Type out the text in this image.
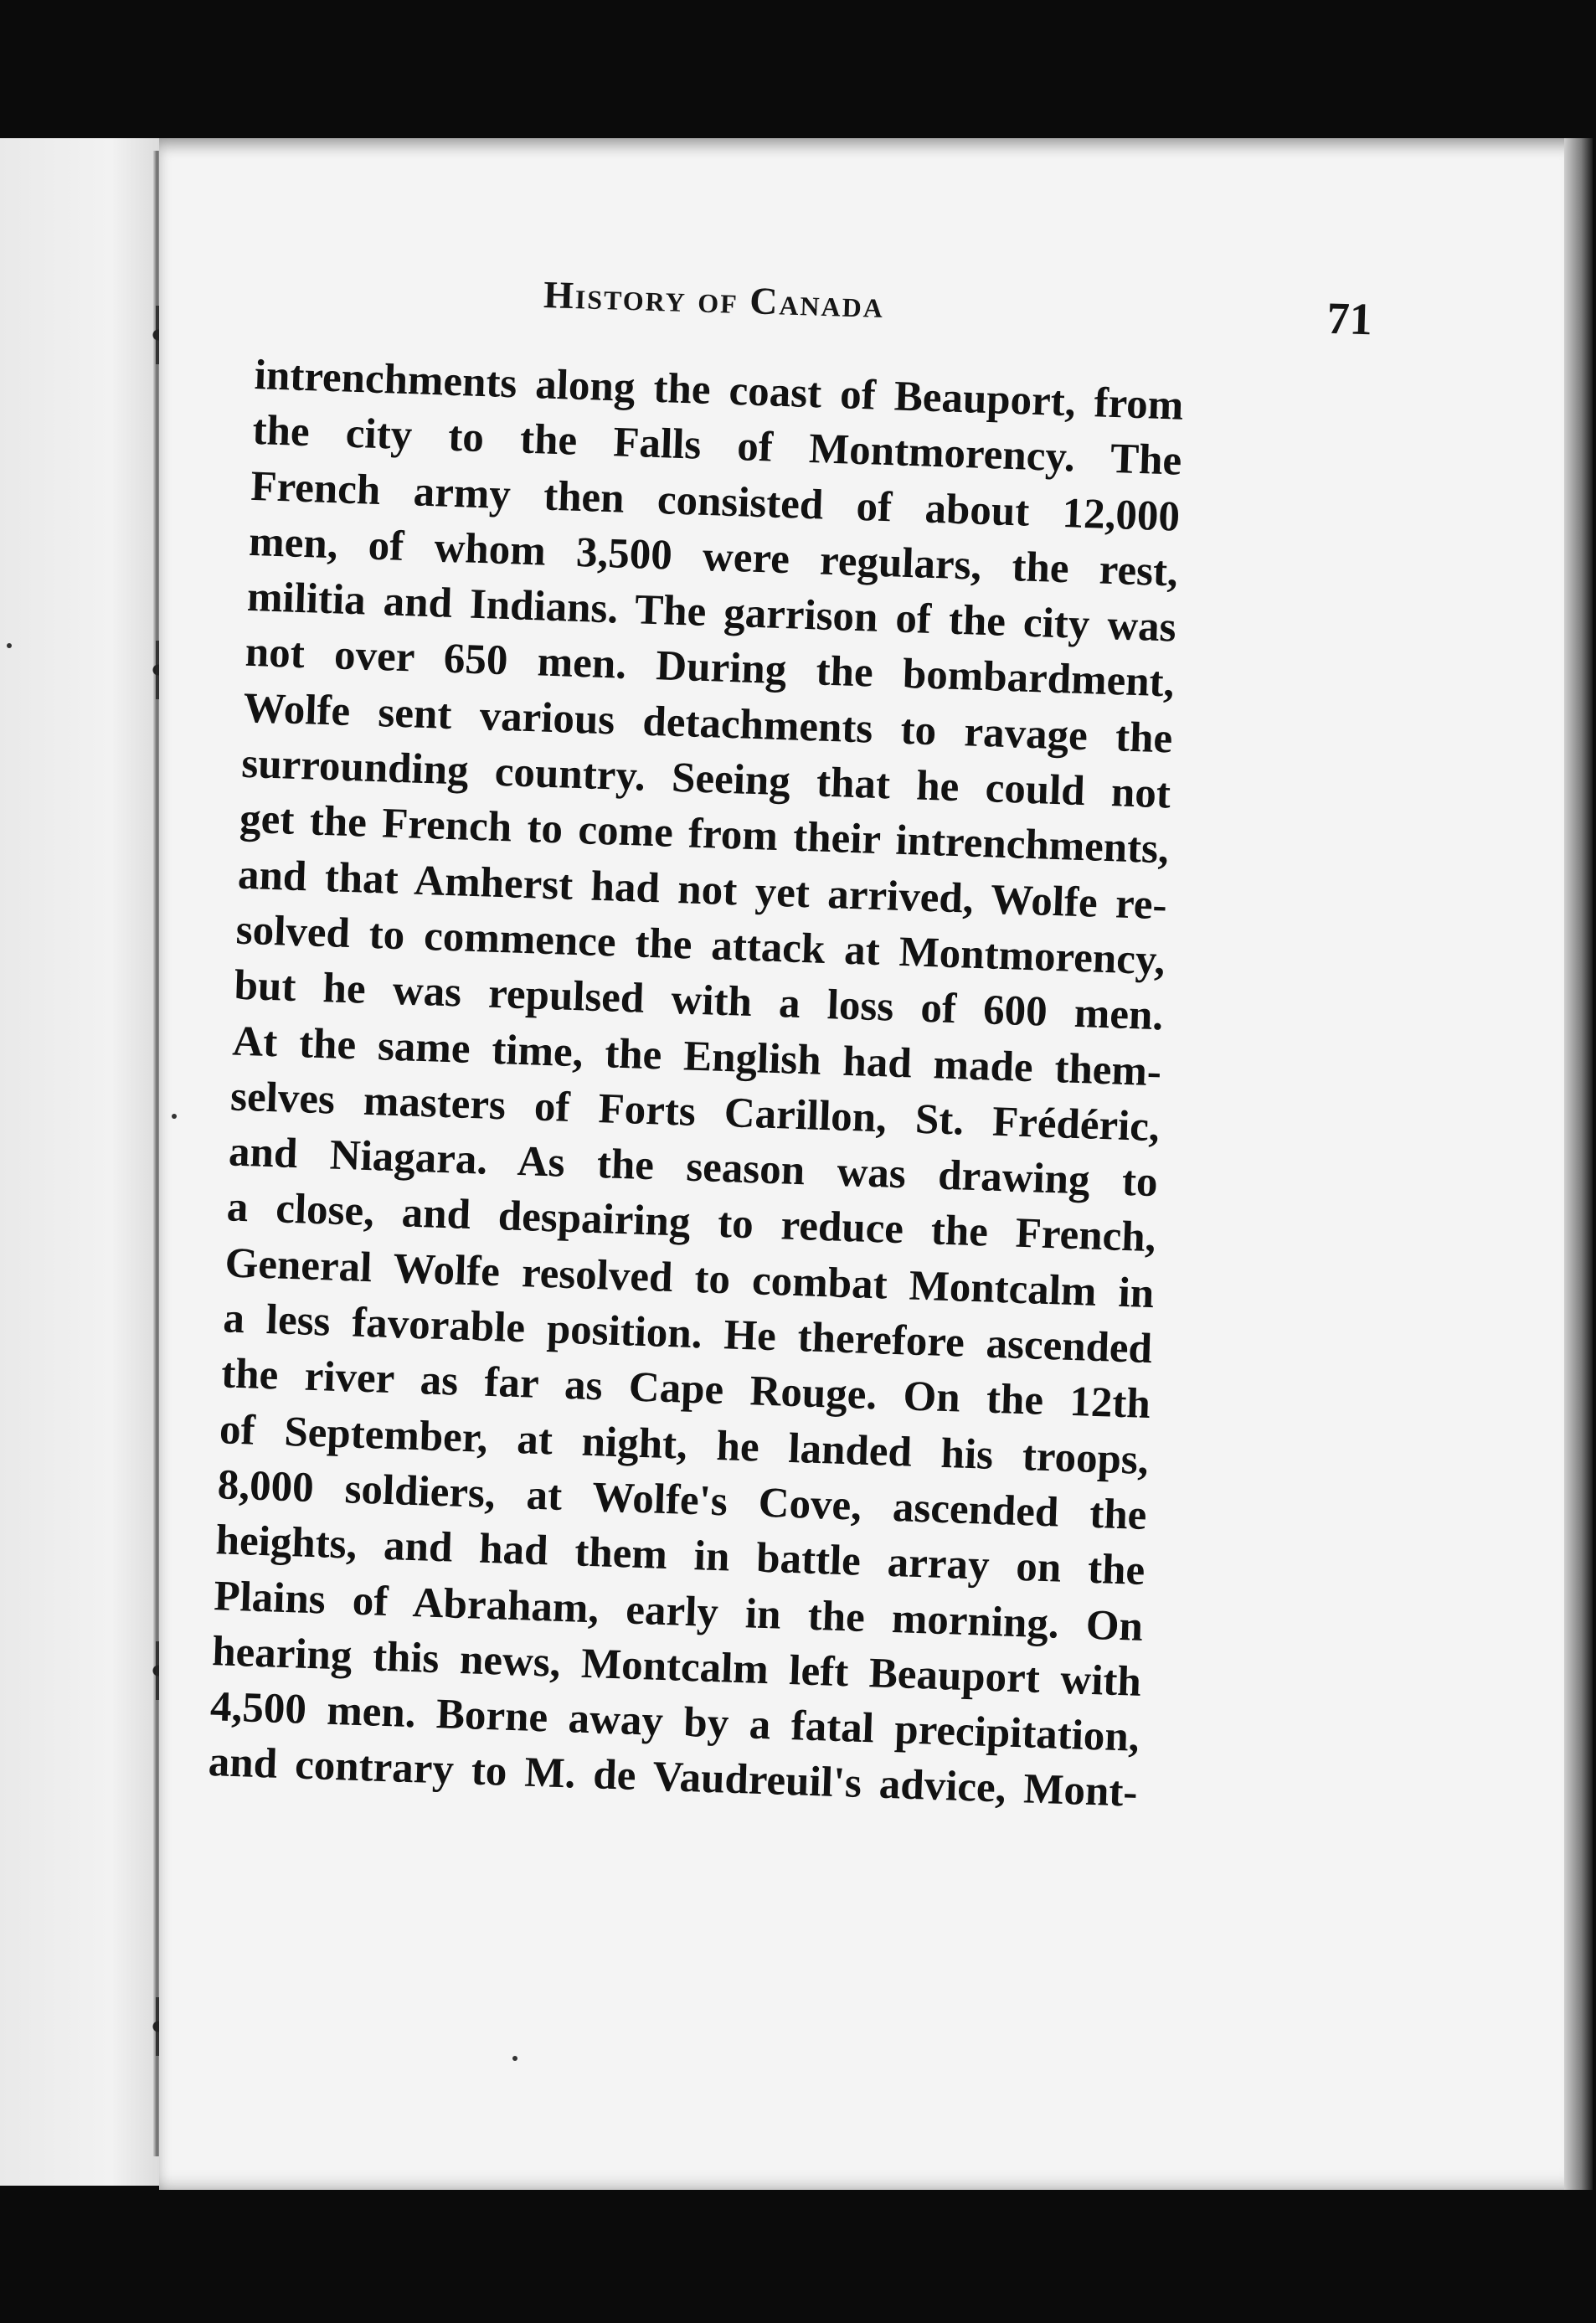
History of Canada	71
intrenchments along the coast of Beauport, from
the city to the Falls of Montmorency. The
French army then consisted of about 12,000
men, of whom 3,500 were regulars, the rest,
militia and Indians. The garrison of the city was
not over 650 men. During the bombardment,
Wolfe sent various detachments to ravage the
surrounding country. Seeing that he could not
get the French to come from their intrenchments,
and that Amherst had not yet arrived, Wolfe re-
solved to commence the attack at Montmorency,
but he was repulsed with a loss of 600 men.
At the same time, the English had made them-
selves masters of Forts Carillon, St. Frédéric,
and Niagara. As the season was drawing to
a close, and despairing to reduce the French,
General Wolfe resolved to combat Montcalm in
a less favorable position. He therefore ascended
the river as far as Cape Rouge. On the 12th
of September, at night, he landed his troops,
8,000 soldiers, at Wolfe's Cove, ascended the
heights, and had them in battle array on the
Plains of Abraham, early in the morning. On
hearing this news, Montcalm left Beauport with
4,500 men. Borne away by a fatal precipitation,
and contrary to M. de Vaudreuil's advice, Mont-
